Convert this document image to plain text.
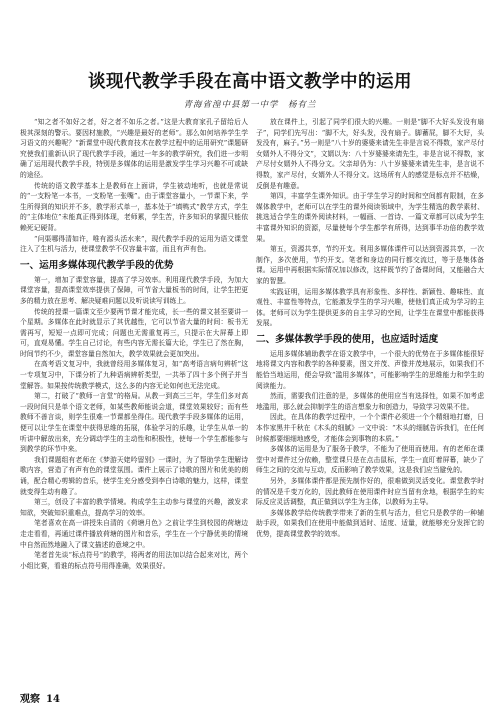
谈现代教学手段在高中语文教学中的运用
青海省湟中县第一中学　杨有兰

“知之者不如好之者，好之者不如乐之者。”这是大教育家孔子留给后人极其深刻的警示。要因材施教，“兴趣是最好的老师”。那么如何培养学生学习语文的兴趣呢？“新课堂中现代教育技术在教学过程中的运用研究”课题研究使我们重新认识了现代教学手段，通过一年多的教学研究，我们进一步明确了运用现代教学手段，特别是多媒体的运用是激发学生学习兴趣不可或缺的途径。

传统的语文教学基本上是教师在上面讲，学生被动地听，也就是常说的“一支粉笔一本书，一支粉笔一张嘴”。由于课堂容量小，一节课下来，学生所得到的知识并不多，教学形式单一，基本处于“填鸭式”教学方式，学生的“主体地位”未能真正得到体现，老师累，学生苦，许多知识的掌握只能依赖死记硬背。

“问渠哪得清如许，唯有源头活水来”，现代教学手段的运用为语文课堂注入了生机与活力，使课堂教学不仅容量丰富，而且有声有色。

一、运用多媒体现代教学手段的优势

第一，增加了课堂容量，提高了学习效率。利用现代教学手段，为加大课堂容量，提高课堂效率提供了保障，可节省大量板书的时间，让学生把更多的精力放在思考、解决疑难问题以及听说读写训练上。

传统的授课一篇课文至少要两节课才能完成，长一些的课文甚至要讲一个星期。多媒体在此时就显示了其优越性，它可以节省大量的时间：板书无需再写，短短一点即可完成；问题也无需重复再三，只提示在大屏幕上即可，直观易懂。学生自己讨论，有些内容无需长篇大论，学生已了然在胸，时间节约不少，课堂容量自然加大，教学效果就会更加突出。

在高考语文复习中，我就曾经用多媒体复习，如“高考语言病句辨析”这一专项复习中，下课分析了九种语病辨析类型，一共举了四十多个例子并当堂解答。如果按传统教学模式，这么多的内容无论如何也无法完成。

第二，打破了“教师一言堂”的格局。从教一到高三三年，学生们多对高一段时间只是单个语文老师，如某些教师能说会道，课堂效果较好；而有些教师不善言谈，则学生很难一节课都坐得住。现代教学手段多媒体的运用，便可以让学生在课堂中获得思维的拓展，体验学习的乐趣，让学生从单一的听讲中解放出来，充分调动学生的主动性和积极性，使每一个学生都能参与到教学的环节中来。

我们课题组有老师在《梦游天姥吟留别》一课时，为了帮助学生理解诗歌内容，营造了有声有色的课堂氛围。课件上展示了诗歌的图片和优美的朗诵，配合精心剪辑的音乐，使学生充分感受到李白诗歌的魅力，这样，课堂就变得生动有趣了。

第三，创设了丰富的教学情境。构成学生主动参与课堂的兴趣，激发求知欲，突破知识重难点，提高学习的效率。

笔者喜欢在高一讲授朱自清的《荷塘月色》之前让学生到校园的荷塘边走走看看，再通过课件播放荷塘的图片和音乐，学生在一个宁静优美的情境中自然而然地融入了课文描述的意境之中。

笔者首先谈“标点符号”的教学，将两者的用法加以结合起来对比，两个小组比赛，看谁的标点符号用得准确，效果很好。

放在课件上，引起了同学们很大的兴趣。一则是“脚不大好头发没有扇子”，同学们先写出：“脚不大，好头发，没有扇子。脚蓄屁，脚不大好，头发没有，麻子。”另一则是“八十岁的婆婆来请先生非是言说不得数，家产尽付女婿外人不得分文”，文婿以为：八十岁婆婆来请先生，非是言说不得数，家产尽付女婿外人不得分文。父亲却仍为：八十岁婆婆来请先生非，是言说不得数，家产尽付，女婿外人不得分文。这场所有人的感觉是标点并不枯燥，反倒是有趣意。

第四，丰富学生课外知识。由于学生学习的时间和空间都有限制，在多媒体教学中，老师可以在学生的课外阅读领域中，为学生精选的教学素材、挑选适合学生的课外阅读材料，一幅画、一首诗、一篇文章都可以成为学生丰富课外知识的资源，尽量使每个学生都学有所得，达到事半功倍的教学效果。

第五，资源共享，节约开支。利用多媒体课件可以达到资源共享，一次制作，多次使用，节约开支。笔者和身边的同行都交流过，等于是集体备课。运用中再根据实际情况加以修改，这样既节约了备课时间，又能融合大家的智慧。

实践证明，运用多媒体教学具有形象性、多样性、新颖性、趣味性、直观性、丰富性等特点，它能激发学生的学习兴趣，使他们真正成为学习的主体。老师可以为学生提供更多的自主学习的空间，让学生在课堂中都能获得发展。

二、多媒体教学手段的使用，也应适时适度

运用多媒体辅助教学在语文教学中，一个很大的优势在于多媒体能很好地将课文内容和教学的各种要素，图文并茂、声像并茂地展示，如果我们不能恰当地运用，便会导致“滥用多媒体”，可能影响学生的思维能力和学生的阅读能力。

然而，需要我们注意的是，多媒体的使用应当有选择性，如果不加考虑地滥用，那么就会抑制学生的语言想象力和创造力，导致学习效果不佳。

因此，在具体的教学过程中，一个个课件必须进一个个精细地打磨，日本作家黑井千秋在《木头的细腻》一文中说：“木头的细腻告诉我们，在任何时候都要细细地感受，才能体会到事物的本质。”

多媒体的运用是为了服务于教学，不能为了使用而使用。有的老师在课堂中对课件过分依赖，整堂课只是在点击鼠标，学生一直盯着屏幕，缺少了师生之间的交流与互动，反而影响了教学效果，这是我们应当避免的。

另外，多媒体课件都是预先制作好的，很难做到灵活变化。课堂教学时的情况是千变万化的，因此教师在使用课件时应当留有余地，根据学生的实际反应灵活调整，真正做到以学生为主体，以教师为主导。

多媒体教学给传统教学带来了新的生机与活力，但它只是教学的一种辅助手段，如果我们在使用中能做到适时、适度、适量，就能够充分发挥它的优势，提高课堂教学的效率。

观察 14
